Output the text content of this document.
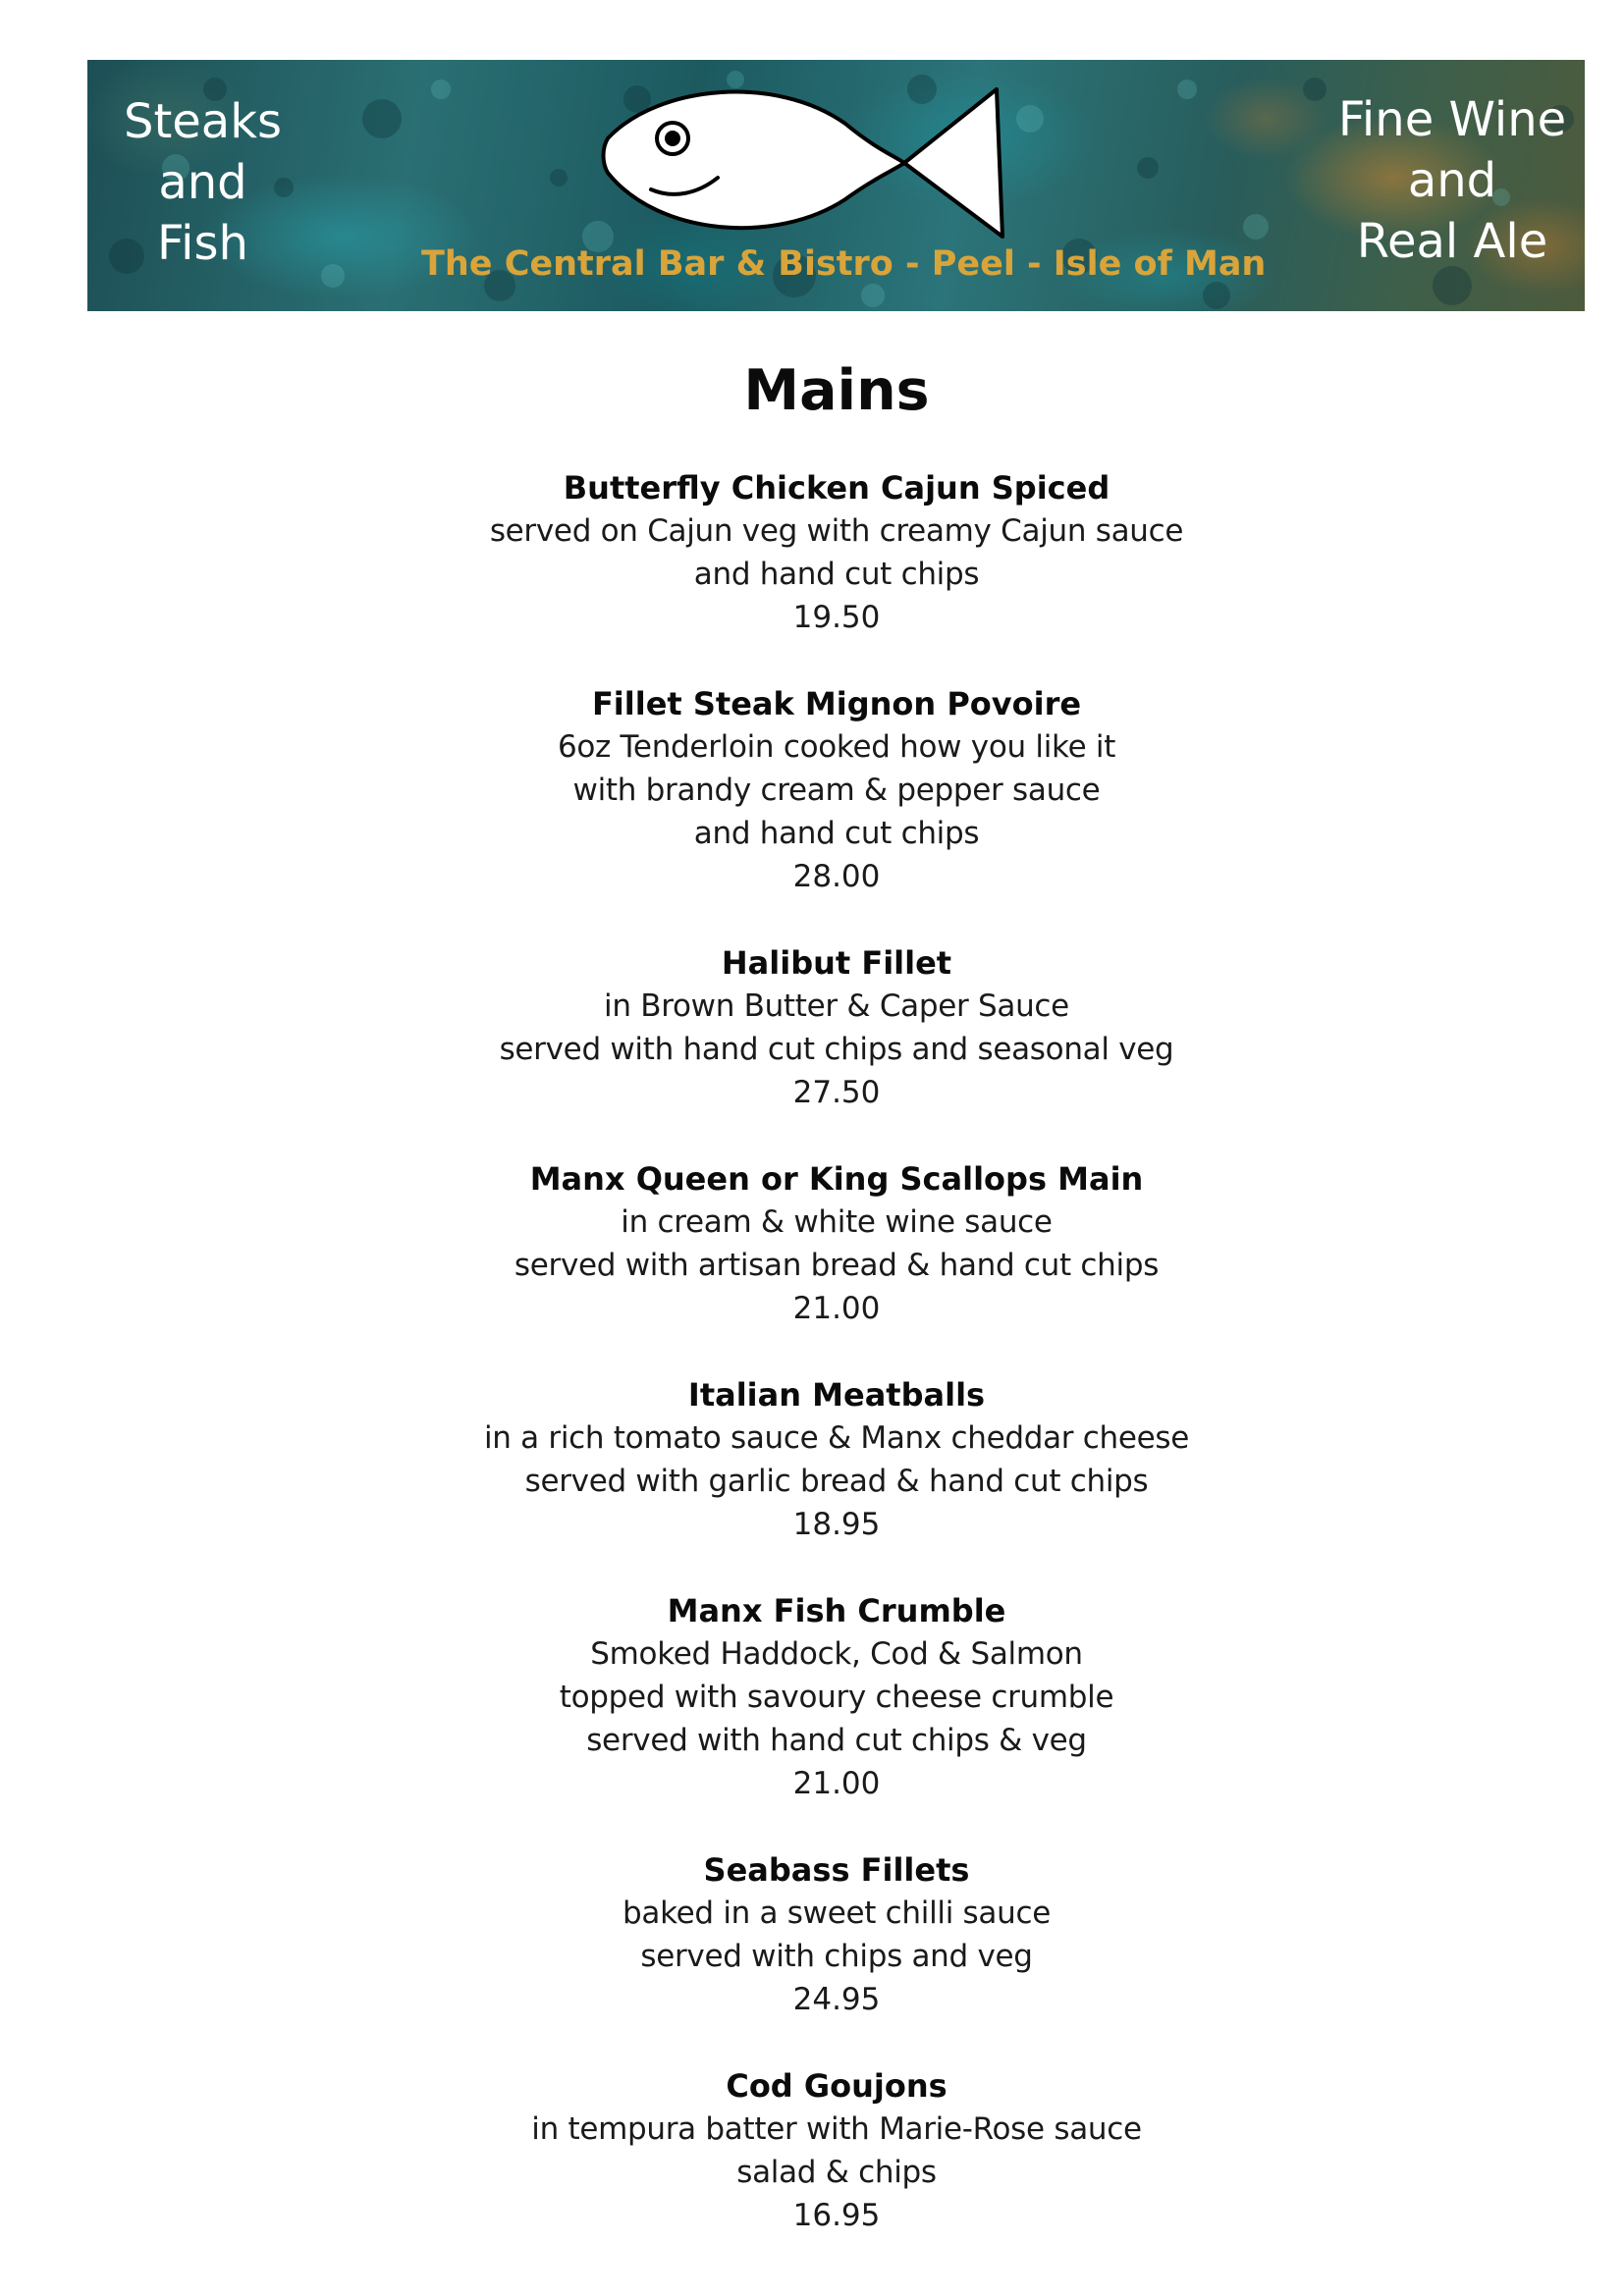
Steaks
and
Fish	The Central Bar & Bistro - Peel - Isle of Man
Fine Wine
and
Real Ale
Mains
Butterfly Chicken Cajun Spiced
served on Cajun veg with creamy Cajun sauce
and hand cut chips
19.50
Fillet Steak Mignon Povoire
6oz Tenderloin cooked how you like it
with brandy cream & pepper sauce
and hand cut chips
28.00
Halibut Fillet
in Brown Butter & Caper Sauce
served with hand cut chips and seasonal veg
27.50
Manx Queen or King Scallops Main
in cream & white wine sauce
served with artisan bread & hand cut chips
21.00
Italian Meatballs
in a rich tomato sauce & Manx cheddar cheese
served with garlic bread & hand cut chips
18.95
Manx Fish Crumble
Smoked Haddock, Cod & Salmon
topped with savoury cheese crumble
served with hand cut chips & veg
21.00
Seabass Fillets
baked in a sweet chilli sauce
served with chips and veg
24.95
Cod Goujons
in tempura batter with Marie-Rose sauce
salad & chips
16.95
